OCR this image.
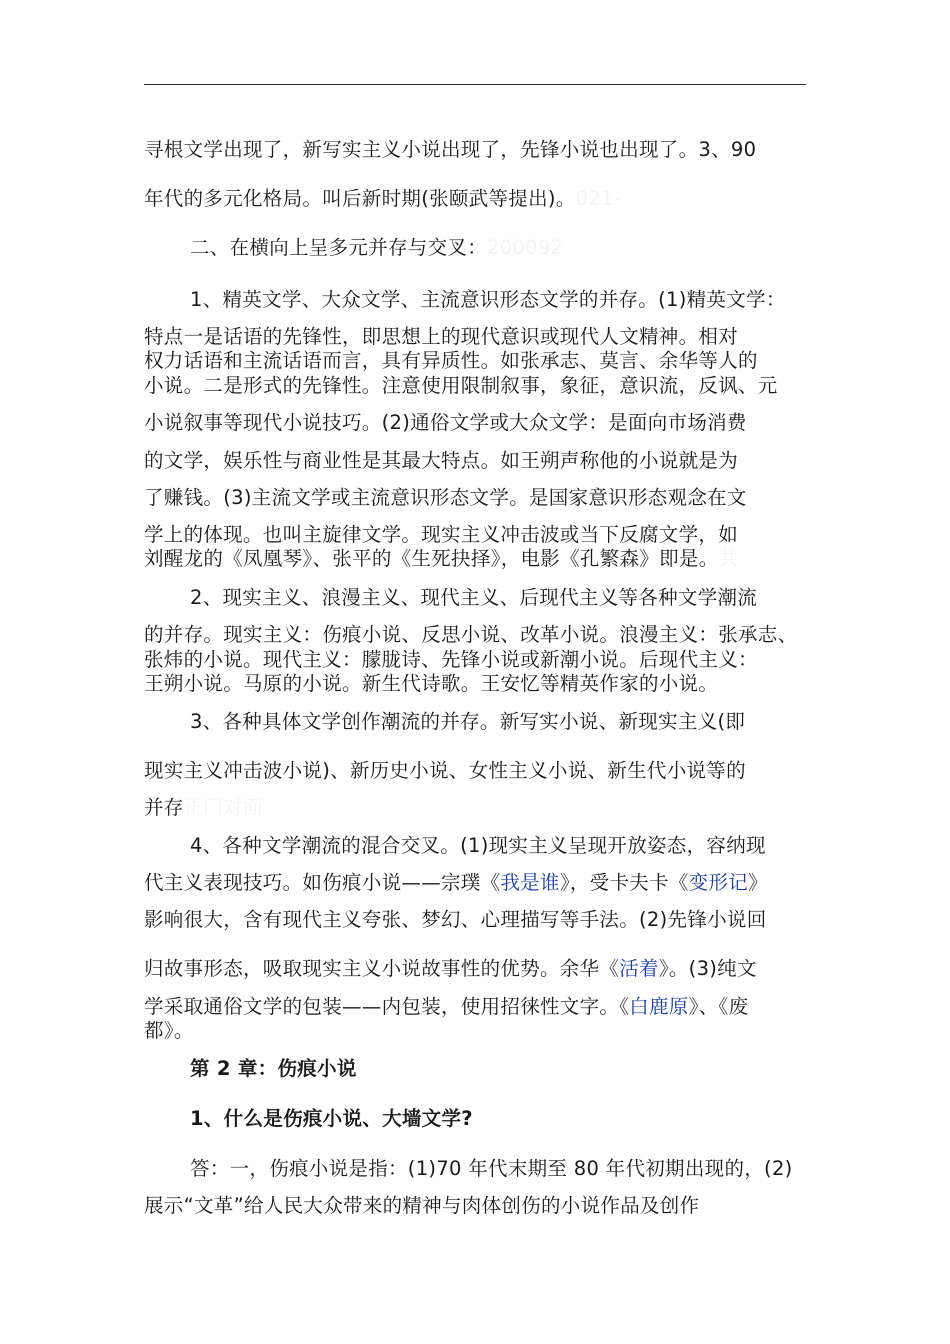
寻根文学出现了，新写实主义小说出现了，先锋小说也出现了。3、90
年代的多元化格局。叫后新时期(张颐武等提出)。021-
二、在横向上呈多元并存与交叉：200092
1、精英文学、大众文学、主流意识形态文学的并存。(1)精英文学：
特点一是话语的先锋性，即思想上的现代意识或现代人文精神。相对
权力话语和主流话语而言，具有异质性。如张承志、莫言、余华等人的
小说。二是形式的先锋性。注意使用限制叙事，象征，意识流，反讽、元
小说叙事等现代小说技巧。(2)通俗文学或大众文学：是面向市场消费
的文学，娱乐性与商业性是其最大特点。如王朔声称他的小说就是为
了赚钱。(3)主流文学或主流意识形态文学。是国家意识形态观念在文
学上的体现。也叫主旋律文学。现实主义冲击波或当下反腐文学，如
刘醒龙的《凤凰琴》、张平的《生死抉择》，电影《孔繁森》即是。共
2、现实主义、浪漫主义、现代主义、后现代主义等各种文学潮流
的并存。现实主义：伤痕小说、反思小说、改革小说。浪漫主义：张承志、
张炜的小说。现代主义：朦胧诗、先锋小说或新潮小说。后现代主义：
王朔小说。马原的小说。新生代诗歌。王安忆等精英作家的小说。
3、各种具体文学创作潮流的并存。新写实小说、新现实主义(即
现实主义冲击波小说)、新历史小说、女性主义小说、新生代小说等的
并存正门对面
4、各种文学潮流的混合交叉。(1)现实主义呈现开放姿态，容纳现
代主义表现技巧。如伤痕小说——宗璞《我是谁》，受卡夫卡《变形记》
影响很大，含有现代主义夸张、梦幻、心理描写等手法。(2)先锋小说回
归故事形态，吸取现实主义小说故事性的优势。余华《活着》。(3)纯文
学采取通俗文学的包装——内包装，使用招徕性文字。《白鹿原》、《废
都》。
第 2 章：伤痕小说
1、什么是伤痕小说、大墙文学?
答：一，伤痕小说是指：(1)70 年代末期至 80 年代初期出现的，(2)
展示“文革”给人民大众带来的精神与肉体创伤的小说作品及创作
